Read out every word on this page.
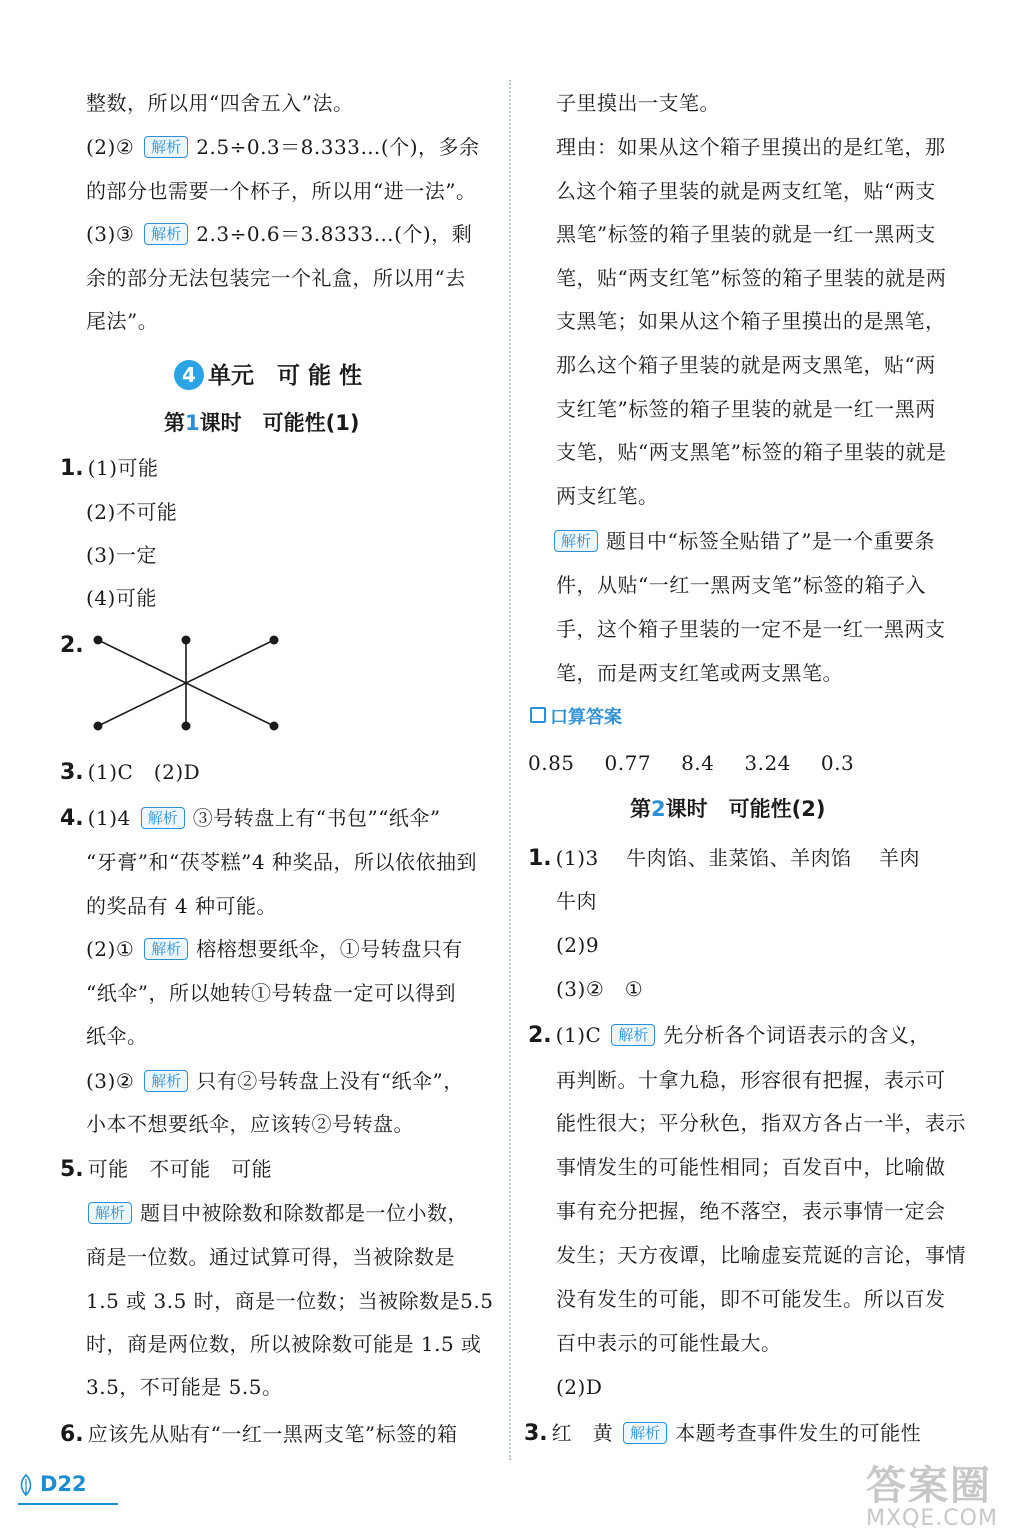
整数，所以用“四舍五入”法。
(2)② 解析 2.5÷0.3＝8.333…(个)，多余
的部分也需要一个杯子，所以用“进一法”。
(3)③ 解析 2.3÷0.6＝3.8333…(个)，剩
余的部分无法包装完一个礼盒，所以用“去
尾法”。
4 单元　 可 能 性
第1课时　 可能性(1)
1. (1)可能
(2)不可能
(3)一定
(4)可能
2.
3. (1)C　(2)D
4. (1)4 解析 ③号转盘上有“书包”“纸伞”
“牙膏”和“茯苓糕”4 种奖品，所以依依抽到
的奖品有 4 种可能。
(2)① 解析 榕榕想要纸伞，①号转盘只有
“纸伞”，所以她转①号转盘一定可以得到
纸伞。
(3)② 解析 只有②号转盘上没有“纸伞”，
小本不想要纸伞，应该转②号转盘。
5. 可能　不可能　可能
解析 题目中被除数和除数都是一位小数，
商是一位数。通过试算可得，当被除数是
1.5 或 3.5 时，商是一位数；当被除数是5.5
时，商是两位数，所以被除数可能是 1.5 或
3.5，不可能是 5.5。
6. 应该先从贴有“一红一黑两支笔”标签的箱
子里摸出一支笔。
理由：如果从这个箱子里摸出的是红笔，那
么这个箱子里装的就是两支红笔，贴“两支
黑笔”标签的箱子里装的就是一红一黑两支
笔，贴“两支红笔”标签的箱子里装的就是两
支黑笔；如果从这个箱子里摸出的是黑笔，
那么这个箱子里装的就是两支黑笔，贴“两
支红笔”标签的箱子里装的就是一红一黑两
支笔，贴“两支黑笔”标签的箱子里装的就是
两支红笔。
解析 题目中“标签全贴错了”是一个重要条
件，从贴“一红一黑两支笔”标签的箱子入
手，这个箱子里装的一定不是一红一黑两支
笔，而是两支红笔或两支黑笔。
口算答案
0.85 0.77 8.4 3.24 0.3
第2课时　 可能性(2)
1. (1)3　 牛肉馅、韭菜馅、羊肉馅　 羊肉
牛肉
(2)9
(3)②　①
2. (1)C 解析 先分析各个词语表示的含义，
再判断。十拿九稳，形容很有把握，表示可
能性很大；平分秋色，指双方各占一半，表示
事情发生的可能性相同；百发百中，比喻做
事有充分把握，绝不落空，表示事情一定会
发生；天方夜谭，比喻虚妄荒诞的言论，事情
没有发生的可能，即不可能发生。所以百发
百中表示的可能性最大。
(2)D
3. 红　黄 解析 本题考查事件发生的可能性
D22	答案圈
MXQE.COM
